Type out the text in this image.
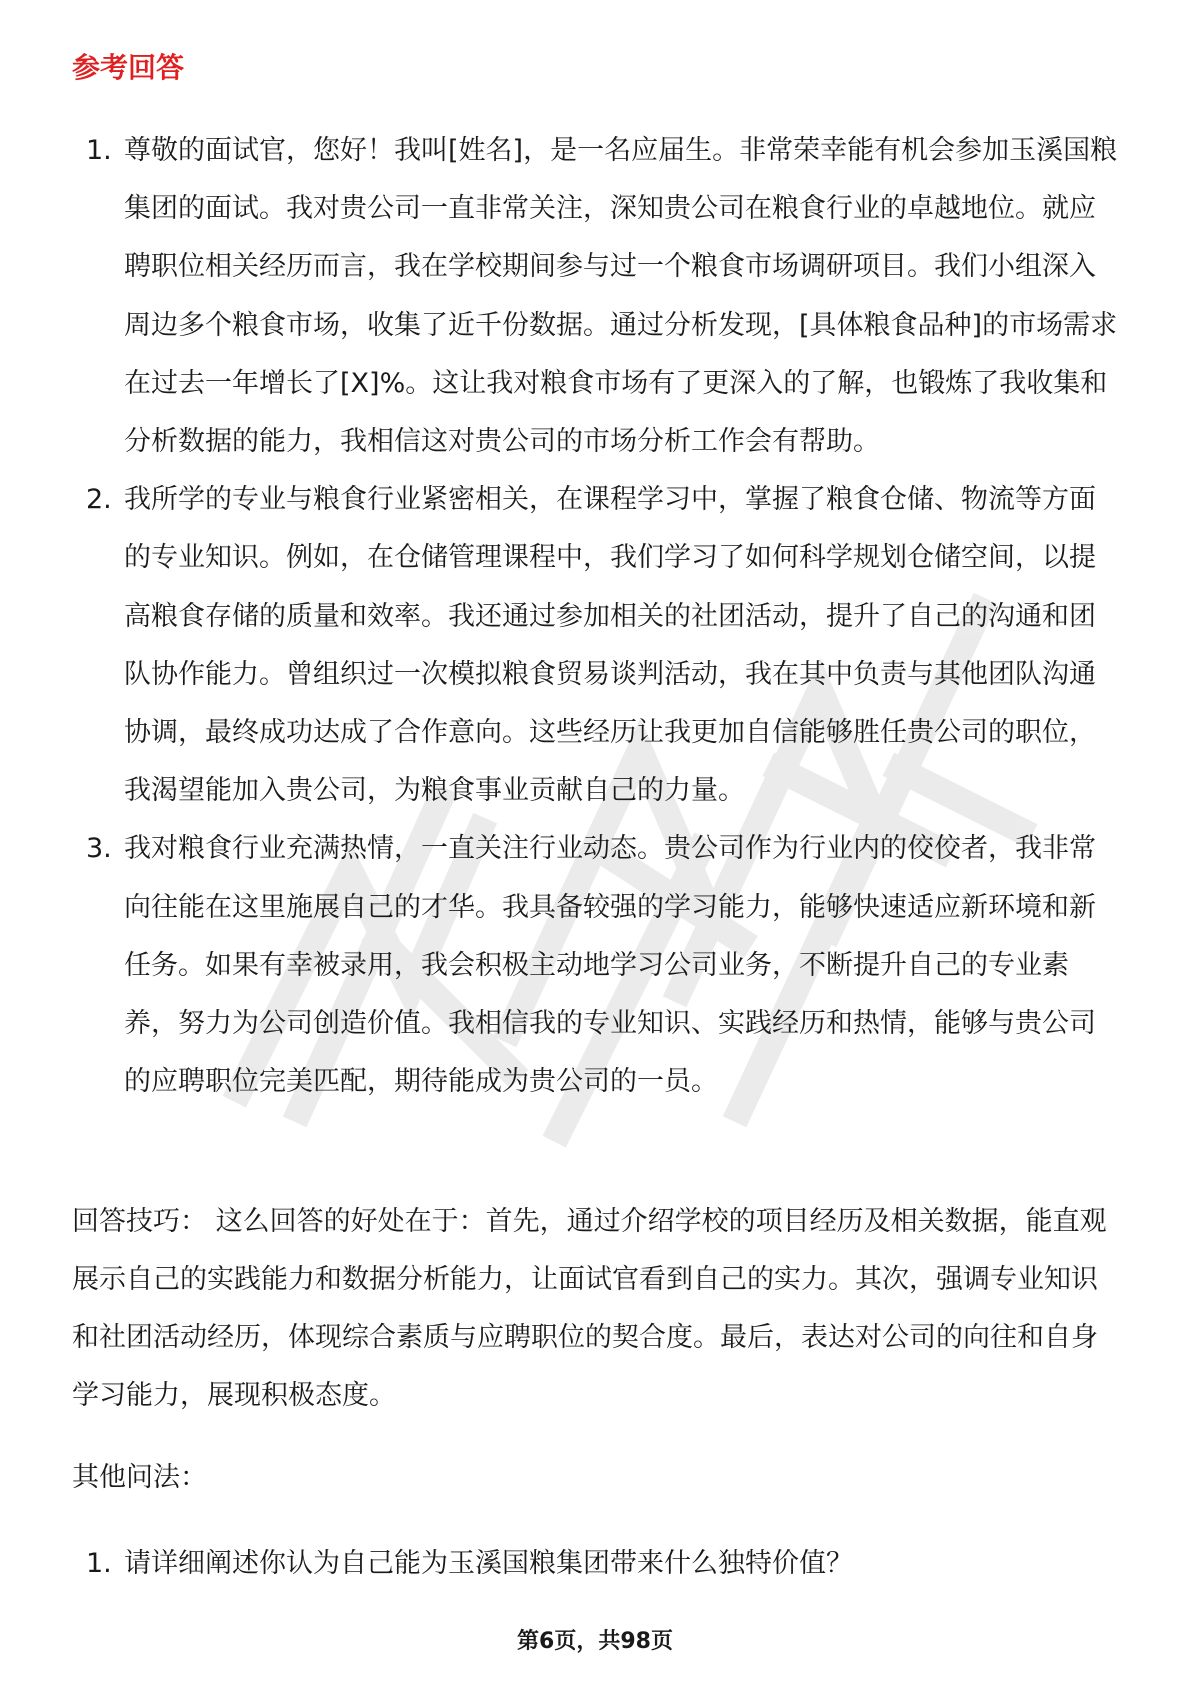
参考回答
1. 尊敬的面试官，您好！我叫[姓名]，是一名应届生。非常荣幸能有机会参加玉溪国粮集团的面试。我对贵公司一直非常关注，深知贵公司在粮食行业的卓越地位。就应聘职位相关经历而言，我在学校期间参与过一个粮食市场调研项目。我们小组深入周边多个粮食市场，收集了近千份数据。通过分析发现，[具体粮食品种]的市场需求在过去一年增长了[X]%。这让我对粮食市场有了更深入的了解，也锻炼了我收集和分析数据的能力，我相信这对贵公司的市场分析工作会有帮助。
2. 我所学的专业与粮食行业紧密相关，在课程学习中，掌握了粮食仓储、物流等方面的专业知识。例如，在仓储管理课程中，我们学习了如何科学规划仓储空间，以提高粮食存储的质量和效率。我还通过参加相关的社团活动，提升了自己的沟通和团队协作能力。曾组织过一次模拟粮食贸易谈判活动，我在其中负责与其他团队沟通协调，最终成功达成了合作意向。这些经历让我更加自信能够胜任贵公司的职位，我渴望能加入贵公司，为粮食事业贡献自己的力量。
3. 我对粮食行业充满热情，一直关注行业动态。贵公司作为行业内的佼佼者，我非常向往能在这里施展自己的才华。我具备较强的学习能力，能够快速适应新环境和新任务。如果有幸被录用，我会积极主动地学习公司业务，不断提升自己的专业素养，努力为公司创造价值。我相信我的专业知识、实践经历和热情，能够与贵公司的应聘职位完美匹配，期待能成为贵公司的一员。

回答技巧： 这么回答的好处在于：首先，通过介绍学校的项目经历及相关数据，能直观展示自己的实践能力和数据分析能力，让面试官看到自己的实力。其次，强调专业知识和社团活动经历，体现综合素质与应聘职位的契合度。最后，表达对公司的向往和自身学习能力，展现积极态度。

其他问法：

1. 请详细阐述你认为自己能为玉溪国粮集团带来什么独特价值？
第6页，共98页
